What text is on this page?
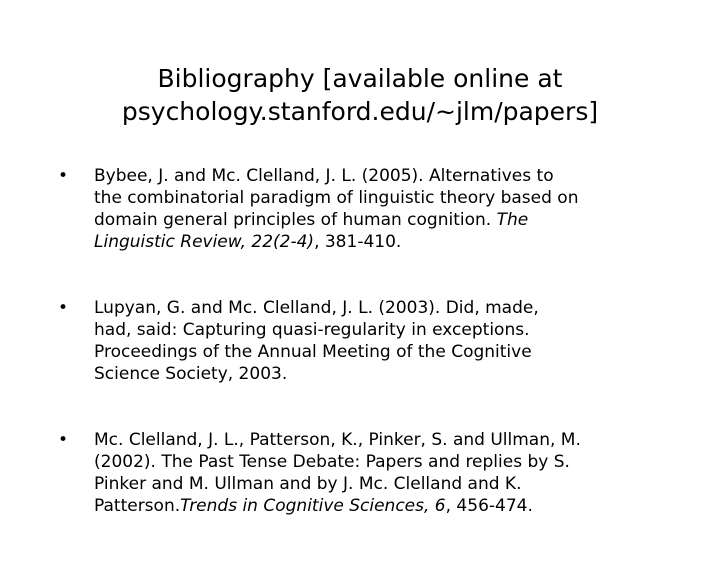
Bibliography [available online at
psychology.stanford.edu/~jlm/papers]
• Bybee, J. and Mc. Clelland, J. L. (2005). Alternatives to
the combinatorial paradigm of linguistic theory based on
domain general principles of human cognition. The
Linguistic Review, 22(2-4), 381-410.
• Lupyan, G. and Mc. Clelland, J. L. (2003). Did, made,
had, said: Capturing quasi-regularity in exceptions.
Proceedings of the Annual Meeting of the Cognitive
Science Society, 2003.
• Mc. Clelland, J. L., Patterson, K., Pinker, S. and Ullman, M.
(2002). The Past Tense Debate: Papers and replies by S.
Pinker and M. Ullman and by J. Mc. Clelland and K.
Patterson.Trends in Cognitive Sciences, 6, 456-474.
